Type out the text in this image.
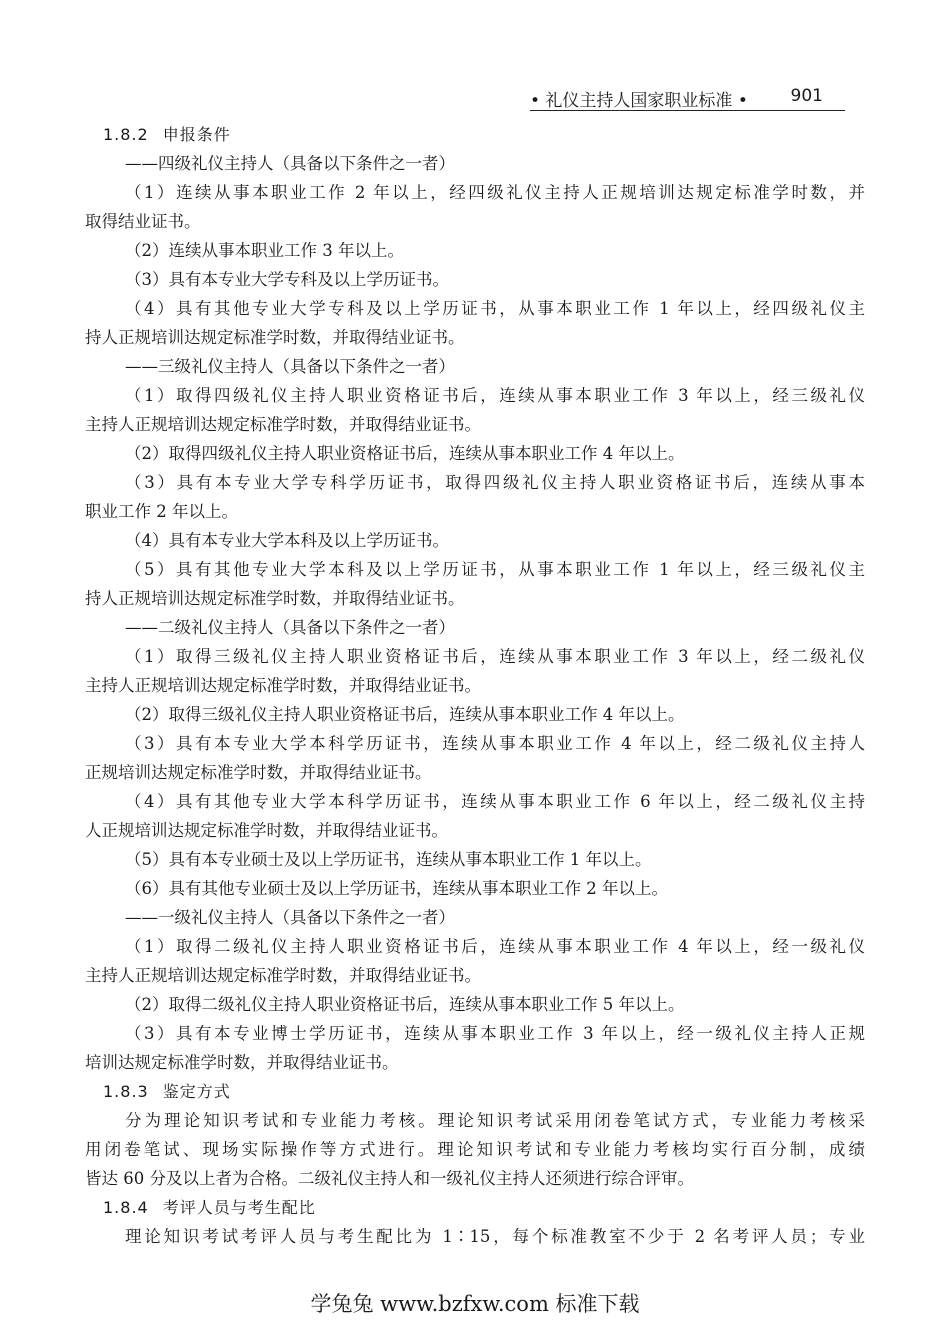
• 礼仪主持人国家职业标准 •	901
1.8.2 申报条件
——四级礼仪主持人（具备以下条件之一者）
（1）连续从事本职业工作 2 年以上，经四级礼仪主持人正规培训达规定标准学时数，并
取得结业证书。
（2）连续从事本职业工作 3 年以上。
（3）具有本专业大学专科及以上学历证书。
（4）具有其他专业大学专科及以上学历证书，从事本职业工作 1 年以上，经四级礼仪主
持人正规培训达规定标准学时数，并取得结业证书。
——三级礼仪主持人（具备以下条件之一者）
（1）取得四级礼仪主持人职业资格证书后，连续从事本职业工作 3 年以上，经三级礼仪
主持人正规培训达规定标准学时数，并取得结业证书。
（2）取得四级礼仪主持人职业资格证书后，连续从事本职业工作 4 年以上。
（3）具有本专业大学专科学历证书，取得四级礼仪主持人职业资格证书后，连续从事本
职业工作 2 年以上。
（4）具有本专业大学本科及以上学历证书。
（5）具有其他专业大学本科及以上学历证书，从事本职业工作 1 年以上，经三级礼仪主
持人正规培训达规定标准学时数，并取得结业证书。
——二级礼仪主持人（具备以下条件之一者）
（1）取得三级礼仪主持人职业资格证书后，连续从事本职业工作 3 年以上，经二级礼仪
主持人正规培训达规定标准学时数，并取得结业证书。
（2）取得三级礼仪主持人职业资格证书后，连续从事本职业工作 4 年以上。
（3）具有本专业大学本科学历证书，连续从事本职业工作 4 年以上，经二级礼仪主持人
正规培训达规定标准学时数，并取得结业证书。
（4）具有其他专业大学本科学历证书，连续从事本职业工作 6 年以上，经二级礼仪主持
人正规培训达规定标准学时数，并取得结业证书。
（5）具有本专业硕士及以上学历证书，连续从事本职业工作 1 年以上。
（6）具有其他专业硕士及以上学历证书，连续从事本职业工作 2 年以上。
——一级礼仪主持人（具备以下条件之一者）
（1）取得二级礼仪主持人职业资格证书后，连续从事本职业工作 4 年以上，经一级礼仪
主持人正规培训达规定标准学时数，并取得结业证书。
（2）取得二级礼仪主持人职业资格证书后，连续从事本职业工作 5 年以上。
（3）具有本专业博士学历证书，连续从事本职业工作 3 年以上，经一级礼仪主持人正规
培训达规定标准学时数，并取得结业证书。
1.8.3 鉴定方式
分为理论知识考试和专业能力考核。理论知识考试采用闭卷笔试方式，专业能力考核采
用闭卷笔试、现场实际操作等方式进行。理论知识考试和专业能力考核均实行百分制，成绩
皆达 60 分及以上者为合格。二级礼仪主持人和一级礼仪主持人还须进行综合评审。
1.8.4 考评人员与考生配比
理论知识考试考评人员与考生配比为 1∶15，每个标准教室不少于 2 名考评人员；专业
学兔兔 www.bzfxw.com 标准下载
